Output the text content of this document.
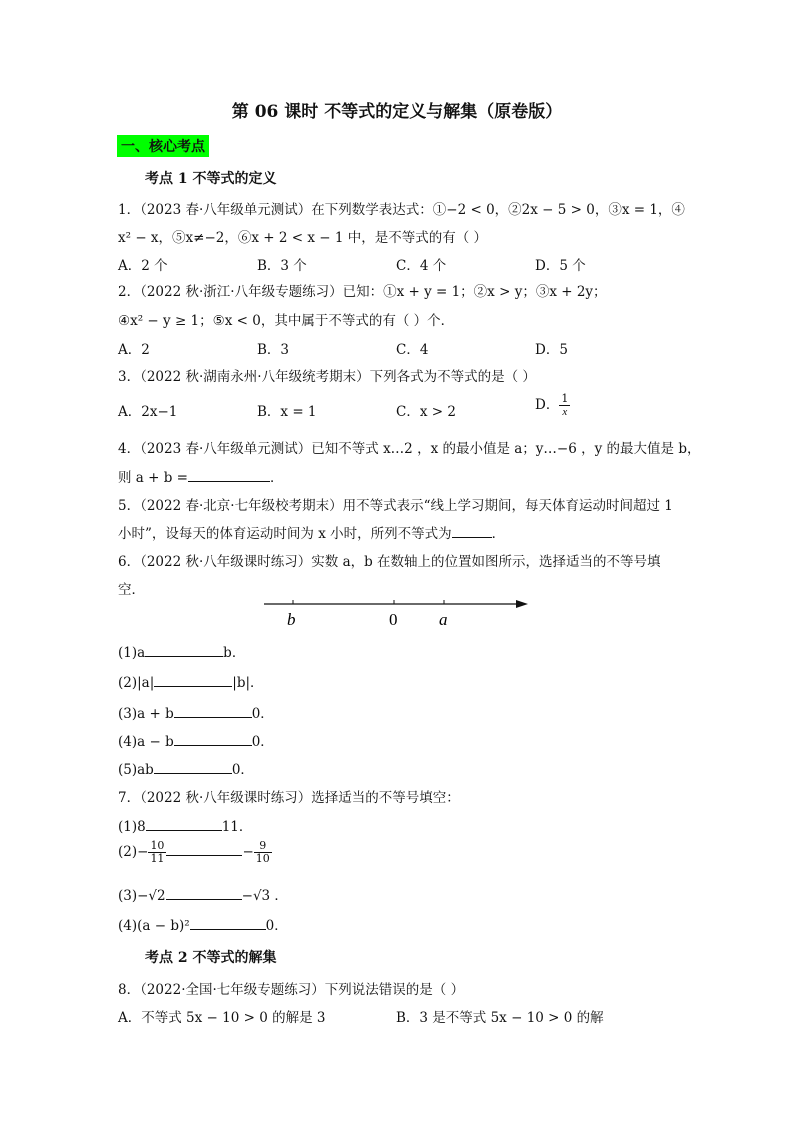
第 06 课时 不等式的定义与解集（原卷版）
一、核心考点
考点 1 不等式的定义
1．（2023 春·八年级单元测试）在下列数学表达式：①−2 < 0，②2x − 5 > 0，③x = 1，④
x² − x，⑤x≠−2，⑥x + 2 < x − 1 中，是不等式的有（ ）
A．2 个	B．3 个	C．4 个	D．5 个
2．（2022 秋·浙江·八年级专题练习）已知：①x + y = 1；②x > y；③x + 2y；
④x² − y ≥ 1；⑤x < 0，其中属于不等式的有（ ）个．
A．2	B．3	C．4	D．5
3．（2022 秋·湖南永州·八年级统考期末）下列各式为不等式的是（ ）
A．2x−1	B．x = 1	C．x > 2	D． $\frac{1}{x}$
4．（2023 春·八年级单元测试）已知不等式 x…2 ，x 的最小值是 a；y…−6 ，y 的最大值是 b，
则 a + b =	．
5．（2022 春·北京·七年级校考期末）用不等式表示“线上学习期间，每天体育运动时间超过 1
小时”，设每天的体育运动时间为 x 小时，所列不等式为	．
6．（2022 秋·八年级课时练习）实数 a，b 在数轴上的位置如图所示，选择适当的不等号填
空．
b	0 a
(1)a	b．
(2)|a|	|b|．
(3)a + b	0．
(4)a − b	0．
(5)ab	0．
7．（2022 秋·八年级课时练习）选择适当的不等号填空：
(1)8	11．
$(2)- \frac{10}{11}$	− $\frac{9}{10}$
(3)−√2	−√3 ．
(4)(a − b)²	0．
考点 2 不等式的解集
8．（2022·全国·七年级专题练习）下列说法错误的是（ ）
A．不等式 5x − 10 > 0 的解是 3	B．3 是不等式 5x − 10 > 0 的解
